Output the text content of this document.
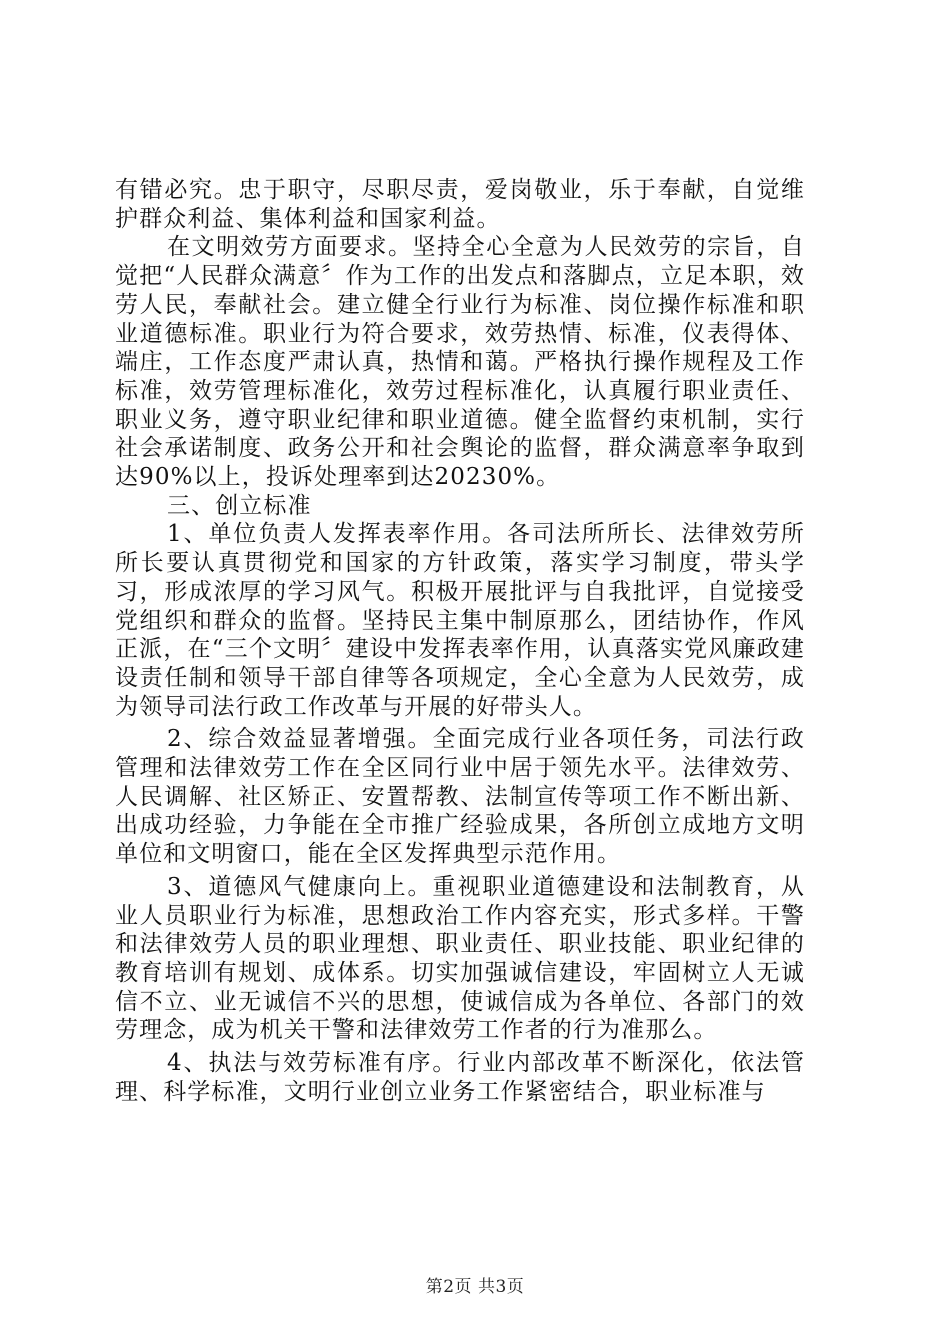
有错必究。忠于职守，尽职尽责，爱岗敬业，乐于奉献，自觉维护群众利益、集体利益和国家利益。

在文明效劳方面要求。坚持全心全意为人民效劳的宗旨，自觉把“人民群众满意〞作为工作的出发点和落脚点，立足本职，效劳人民，奉献社会。建立健全行业行为标准、岗位操作标准和职业道德标准。职业行为符合要求，效劳热情、标准，仪表得体、端庄，工作态度严肃认真，热情和蔼。严格执行操作规程及工作标准，效劳管理标准化，效劳过程标准化，认真履行职业责任、职业义务，遵守职业纪律和职业道德。健全监督约束机制，实行社会承诺制度、政务公开和社会舆论的监督，群众满意率争取到达90%以上，投诉处理率到达20230%。

三、创立标准

1、单位负责人发挥表率作用。各司法所所长、法律效劳所所长要认真贯彻党和国家的方针政策，落实学习制度，带头学习，形成浓厚的学习风气。积极开展批评与自我批评，自觉接受党组织和群众的监督。坚持民主集中制原那么，团结协作，作风正派，在“三个文明〞建设中发挥表率作用，认真落实党风廉政建设责任制和领导干部自律等各项规定，全心全意为人民效劳，成为领导司法行政工作改革与开展的好带头人。

2、综合效益显著增强。全面完成行业各项任务，司法行政管理和法律效劳工作在全区同行业中居于领先水平。法律效劳、人民调解、社区矫正、安置帮教、法制宣传等项工作不断出新、出成功经验，力争能在全市推广经验成果，各所创立成地方文明单位和文明窗口，能在全区发挥典型示范作用。

3、道德风气健康向上。重视职业道德建设和法制教育，从业人员职业行为标准，思想政治工作内容充实，形式多样。干警和法律效劳人员的职业理想、职业责任、职业技能、职业纪律的教育培训有规划、成体系。切实加强诚信建设，牢固树立人无诚信不立、业无诚信不兴的思想，使诚信成为各单位、各部门的效劳理念，成为机关干警和法律效劳工作者的行为准那么。

4、执法与效劳标准有序。行业内部改革不断深化，依法管理、科学标准，文明行业创立业务工作紧密结合，职业标准与

第2页 共3页
